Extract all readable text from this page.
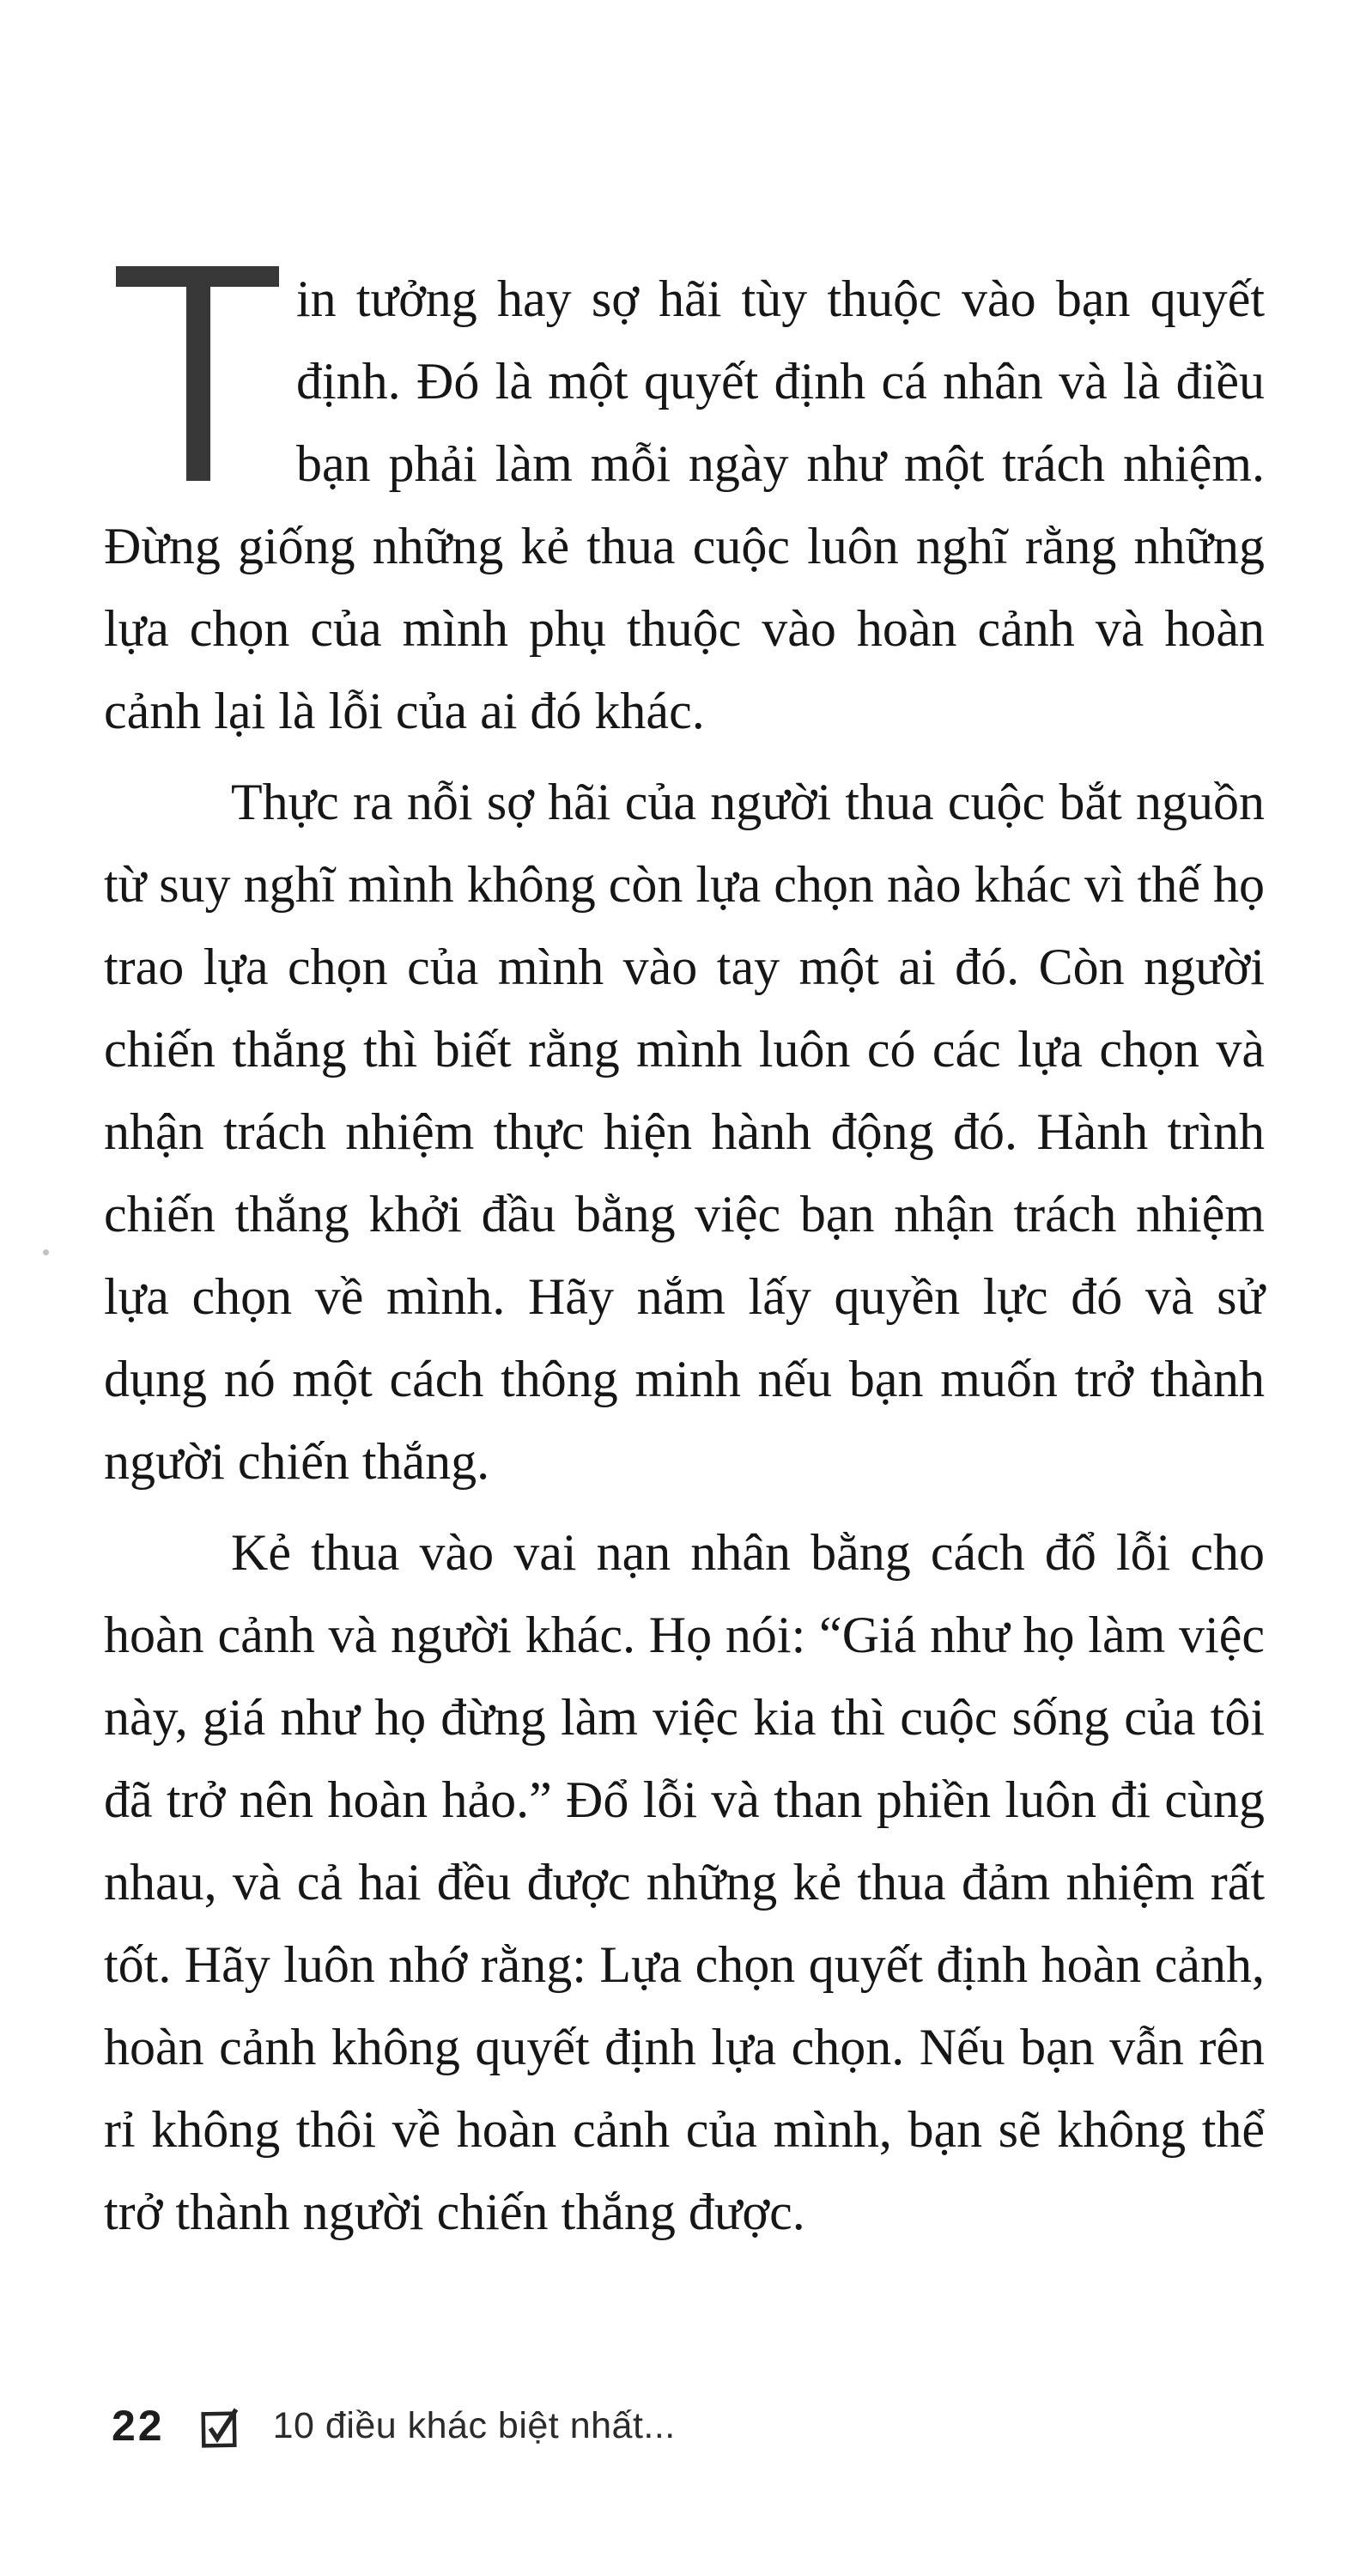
in tưởng hay sợ hãi tùy thuộc vào bạn quyết định. Đó là một quyết định cá nhân và là điều bạn phải làm mỗi ngày như một trách nhiệm. Đừng giống những kẻ thua cuộc luôn nghĩ rằng những lựa chọn của mình phụ thuộc vào hoàn cảnh và hoàn cảnh lại là lỗi của ai đó khác.

Thực ra nỗi sợ hãi của người thua cuộc bắt nguồn từ suy nghĩ mình không còn lựa chọn nào khác vì thế họ trao lựa chọn của mình vào tay một ai đó. Còn người chiến thắng thì biết rằng mình luôn có các lựa chọn và nhận trách nhiệm thực hiện hành động đó. Hành trình chiến thắng khởi đầu bằng việc bạn nhận trách nhiệm lựa chọn về mình. Hãy nắm lấy quyền lực đó và sử dụng nó một cách thông minh nếu bạn muốn trở thành người chiến thắng.

Kẻ thua vào vai nạn nhân bằng cách đổ lỗi cho hoàn cảnh và người khác. Họ nói: “Giá như họ làm việc này, giá như họ đừng làm việc kia thì cuộc sống của tôi đã trở nên hoàn hảo.” Đổ lỗi và than phiền luôn đi cùng nhau, và cả hai đều được những kẻ thua đảm nhiệm rất tốt. Hãy luôn nhớ rằng: Lựa chọn quyết định hoàn cảnh, hoàn cảnh không quyết định lựa chọn. Nếu bạn vẫn rên rỉ không thôi về hoàn cảnh của mình, bạn sẽ không thể trở thành người chiến thắng được.

22	10 điều khác biệt nhất...
